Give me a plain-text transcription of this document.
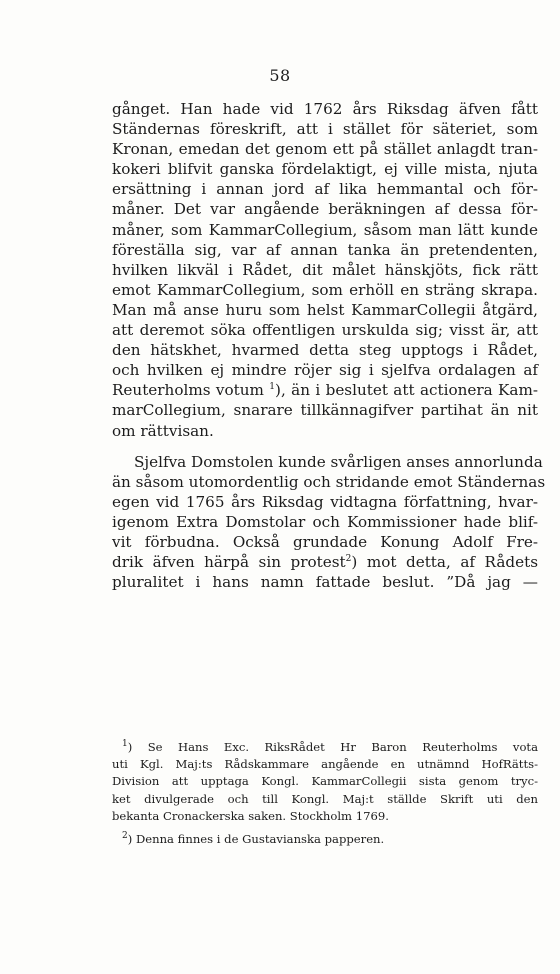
58
gånget. Han hade vid 1762 års Riksdag äfven fått
Ständernas föreskrift, att i stället för säteriet, som
Kronan, emedan det genom ett på stället anlagdt tran-
kokeri blifvit ganska fördelaktigt, ej ville mista, njuta
ersättning i annan jord af lika hemmantal och för-
måner. Det var angående beräkningen af dessa för-
måner, som KammarCollegium, såsom man lätt kunde
föreställa sig, var af annan tanka än pretendenten,
hvilken likväl i Rådet, dit målet hänskjöts, fick rätt
emot KammarCollegium, som erhöll en sträng skrapa.
Man må anse huru som helst KammarCollegii åtgärd,
att deremot söka offentligen urskulda sig; visst är, att
den hätskhet, hvarmed detta steg upptogs i Rådet,
och hvilken ej mindre röjer sig i sjelfva ordalagen af
Reuterholms votum $^1$), än i beslutet att actionera Kam-
marCollegium, snarare tillkännagifver partihat än nit
om rättvisan.
Sjelfva Domstolen kunde svårligen anses annorlunda
än såsom utomordentlig och stridande emot Ständernas
egen vid 1765 års Riksdag vidtagna författning, hvar-
igenom Extra Domstolar och Kommissioner hade blif-
vit förbudna. Också grundade Konung Adolf Fre-
drik äfven härpå sin protest$^2$) mot detta, af Rådets
pluralitet i hans namn fattade beslut. ”Då jag —
$^1$) Se Hans Exc. RiksRådet Hr Baron Reuterholms vota
uti Kgl. Maj:ts Rådskammare angående en utnämnd HofRätts-
Division att upptaga Kongl. KammarCollegii sista genom tryc-
ket divulgerade och till Kongl. Maj:t ställde Skrift uti den
bekanta Cronackerska saken. Stockholm 1769.
$^2$) Denna finnes i de Gustavianska papperen.
